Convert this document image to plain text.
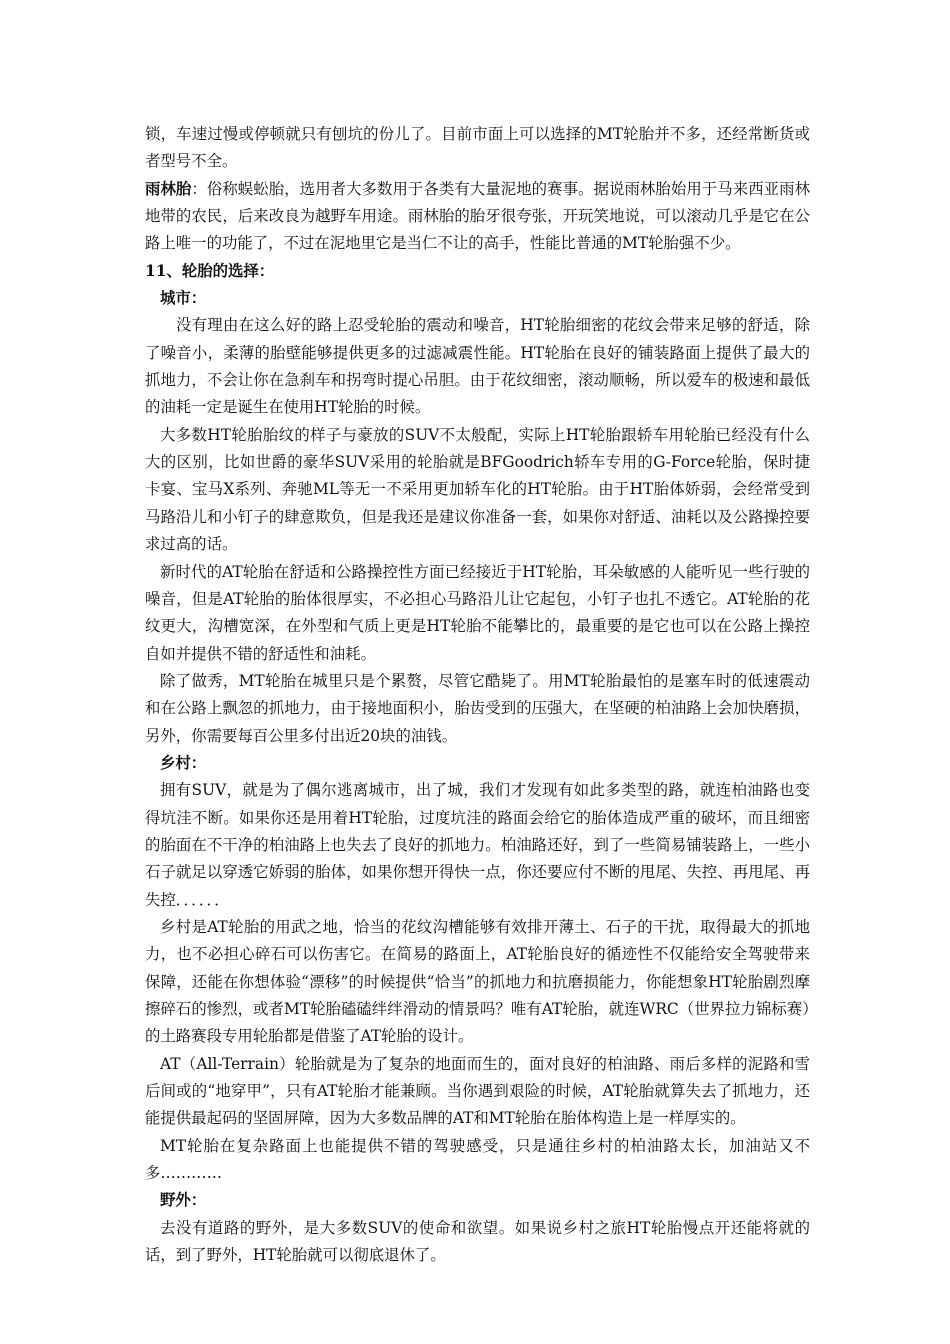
锁，车速过慢或停顿就只有刨坑的份儿了。目前市面上可以选择的MT轮胎并不多，还经常断货或者型号不全。

雨林胎：俗称蜈蚣胎，选用者大多数用于各类有大量泥地的赛事。据说雨林胎始用于马来西亚雨林地带的农民，后来改良为越野车用途。雨林胎的胎牙很夸张，开玩笑地说，可以滚动几乎是它在公路上唯一的功能了，不过在泥地里它是当仁不让的高手，性能比普通的MT轮胎强不少。

11、轮胎的选择：

城市：

没有理由在这么好的路上忍受轮胎的震动和噪音，HT轮胎细密的花纹会带来足够的舒适，除了噪音小，柔薄的胎壁能够提供更多的过滤减震性能。HT轮胎在良好的铺装路面上提供了最大的抓地力，不会让你在急刹车和拐弯时提心吊胆。由于花纹细密，滚动顺畅，所以爱车的极速和最低的油耗一定是诞生在使用HT轮胎的时候。

大多数HT轮胎胎纹的样子与豪放的SUV不太般配，实际上HT轮胎跟轿车用轮胎已经没有什么大的区别，比如世爵的豪华SUV采用的轮胎就是BFGoodrich轿车专用的G-Force轮胎，保时捷卡宴、宝马X系列、奔驰ML等无一不采用更加轿车化的HT轮胎。由于HT胎体娇弱，会经常受到马路沿儿和小钉子的肆意欺负，但是我还是建议你准备一套，如果你对舒适、油耗以及公路操控要求过高的话。

新时代的AT轮胎在舒适和公路操控性方面已经接近于HT轮胎，耳朵敏感的人能听见一些行驶的噪音，但是AT轮胎的胎体很厚实，不必担心马路沿儿让它起包，小钉子也扎不透它。AT轮胎的花纹更大，沟槽宽深，在外型和气质上更是HT轮胎不能攀比的，最重要的是它也可以在公路上操控自如并提供不错的舒适性和油耗。

除了做秀，MT轮胎在城里只是个累赘，尽管它酷毙了。用MT轮胎最怕的是塞车时的低速震动和在公路上飘忽的抓地力，由于接地面积小，胎齿受到的压强大，在坚硬的柏油路上会加快磨损，另外，你需要每百公里多付出近20块的油钱。

乡村：

拥有SUV，就是为了偶尔逃离城市，出了城，我们才发现有如此多类型的路，就连柏油路也变得坑洼不断。如果你还是用着HT轮胎，过度坑洼的路面会给它的胎体造成严重的破坏，而且细密的胎面在不干净的柏油路上也失去了良好的抓地力。柏油路还好，到了一些简易铺装路上，一些小石子就足以穿透它娇弱的胎体，如果你想开得快一点，你还要应付不断的甩尾、失控、再甩尾、再失控．．．．．．

乡村是AT轮胎的用武之地，恰当的花纹沟槽能够有效排开薄土、石子的干扰，取得最大的抓地力，也不必担心碎石可以伤害它。在简易的路面上，AT轮胎良好的循迹性不仅能给安全驾驶带来保障，还能在你想体验“漂移”的时候提供“恰当”的抓地力和抗磨损能力，你能想象HT轮胎剧烈摩擦碎石的惨烈，或者MT轮胎磕磕绊绊滑动的情景吗？唯有AT轮胎，就连WRC（世界拉力锦标赛）的土路赛段专用轮胎都是借鉴了AT轮胎的设计。

AT（All-Terrain）轮胎就是为了复杂的地面而生的，面对良好的柏油路、雨后多样的泥路和雪后间或的“地穿甲”，只有AT轮胎才能兼顾。当你遇到艰险的时候，AT轮胎就算失去了抓地力，还能提供最起码的坚固屏障，因为大多数品牌的AT和MT轮胎在胎体构造上是一样厚实的。

MT轮胎在复杂路面上也能提供不错的驾驶感受，只是通往乡村的柏油路太长，加油站又不多…………

野外：

去没有道路的野外，是大多数SUV的使命和欲望。如果说乡村之旅HT轮胎慢点开还能将就的话，到了野外，HT轮胎就可以彻底退休了。
